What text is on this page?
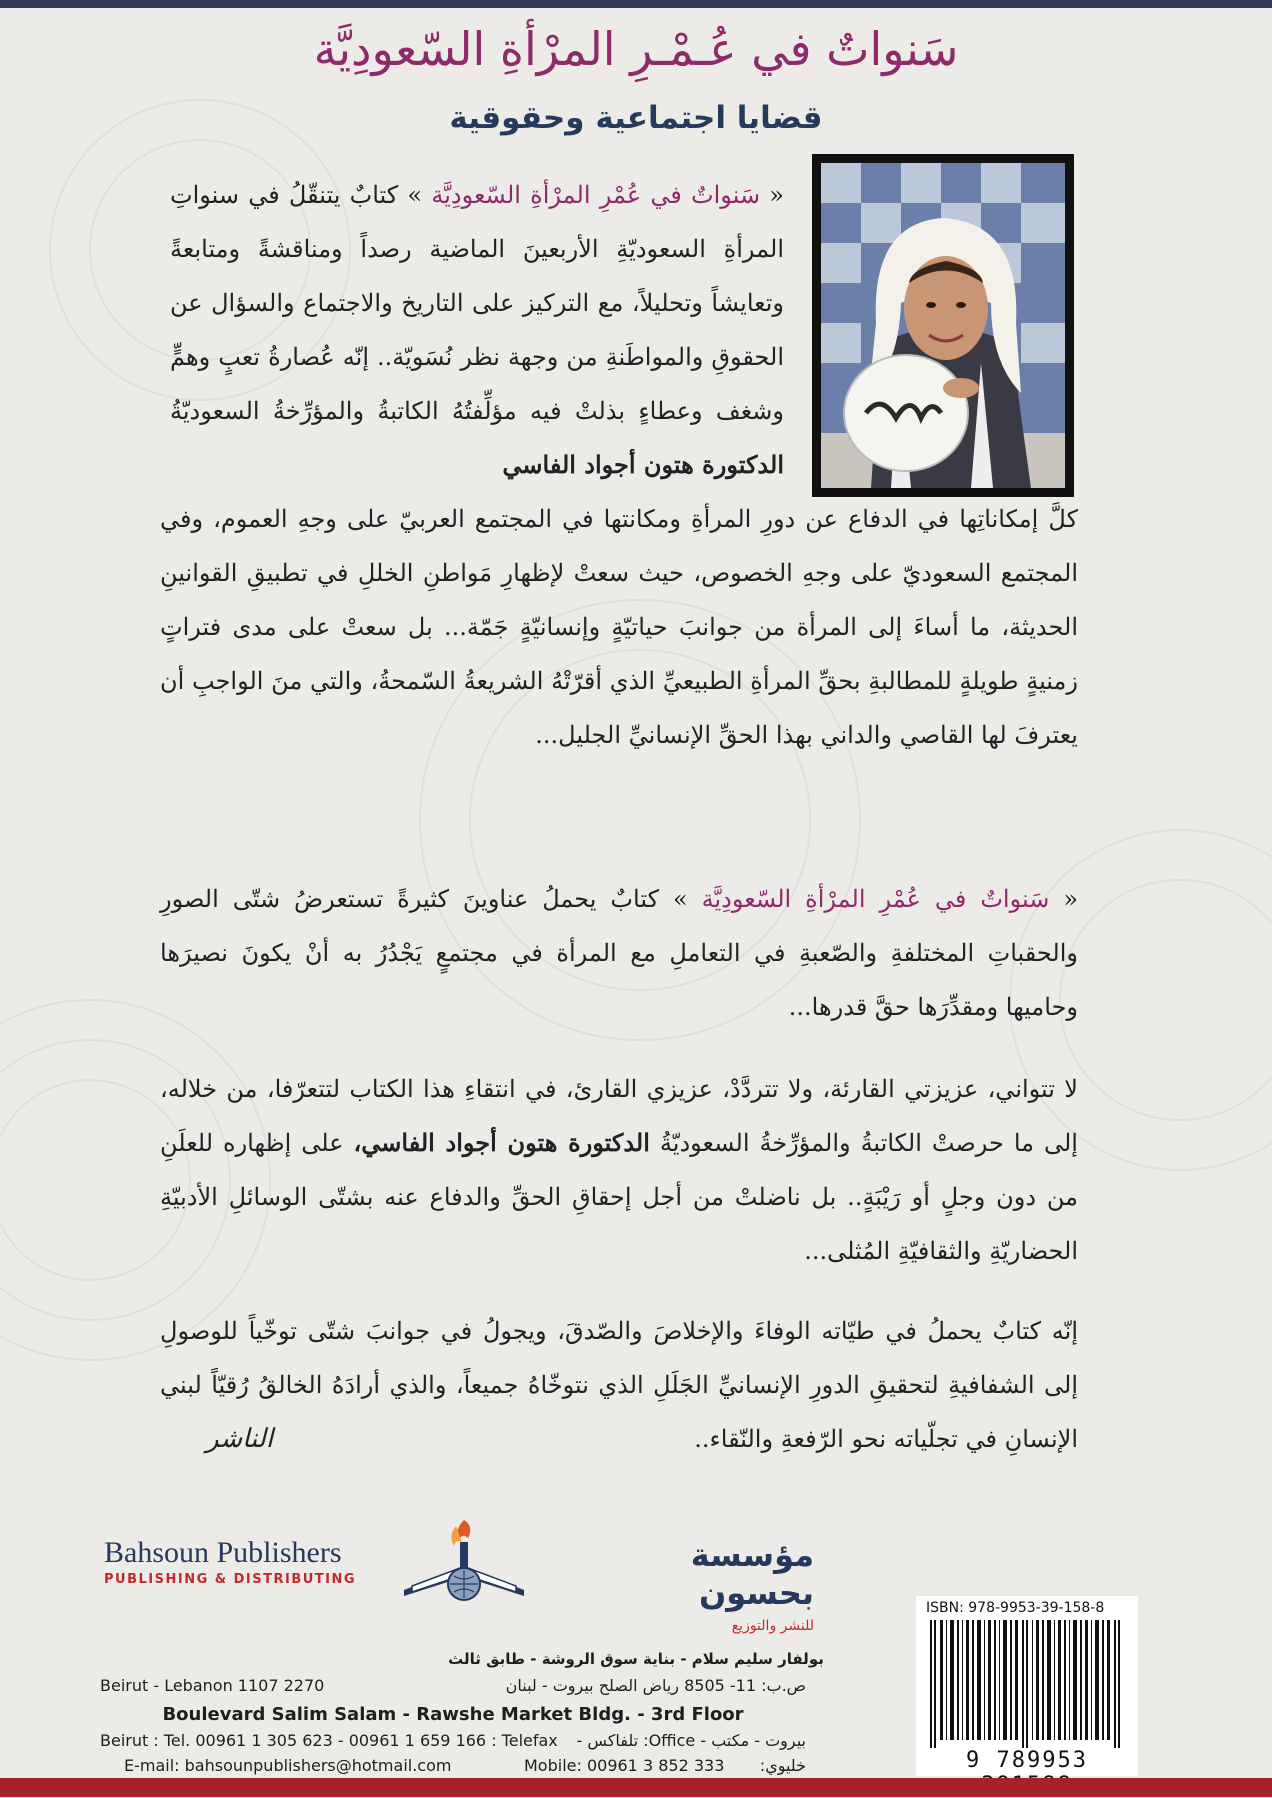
سَنواتٌ في عُـمْـرِ المرْأةِ السّعودِيَّة
قضايا اجتماعية وحقوقية

« سَنواتٌ في عُمْرِ المرْأةِ السّعودِيَّة » كتابٌ يتنقّلُ في سنواتِ المرأةِ السعوديّةِ الأربعينَ الماضية رصداً ومناقشةً ومتابعةً وتعايشاً وتحليلاً، مع التركيز على التاريخ والاجتماع والسؤال عن الحقوقِ والمواطَنةِ من وجهة نظر نُسَويّة.. إنّه عُصارةُ تعبٍ وهمٍّ وشغف وعطاءٍ بذلتْ فيه مؤلِّفتُهُ الكاتبةُ والمؤرِّخةُ السعوديّةُ الدكتورة هتون أجواد الفاسي

كلَّ إمكاناتِها في الدفاع عن دورِ المرأةِ ومكانتها في المجتمع العربيّ على وجهِ العموم، وفي المجتمع السعوديّ على وجهِ الخصوص، حيث سعتْ لإظهارِ مَواطنِ الخللِ في تطبيقِ القوانينِ الحديثة، ما أساءَ إلى المرأة من جوانبَ حياتيّةٍ وإنسانيّةٍ جَمّة... بل سعتْ على مدى فتراتٍ زمنيةٍ طويلةٍ للمطالبةِ بحقِّ المرأةِ الطبيعيِّ الذي أقرّتْهُ الشريعةُ السّمحةُ، والتي منَ الواجبِ أن يعترفَ لها القاصي والداني بهذا الحقِّ الإنسانيِّ الجليل...

« سَنواتٌ في عُمْرِ المرْأةِ السّعودِيَّة » كتابٌ يحملُ عناوينَ كثيرةً تستعرضُ شتّى الصورِ والحقباتِ المختلفةِ والصّعبةِ في التعاملِ مع المرأة في مجتمعٍ يَجْدُرُ به أنْ يكونَ نصيرَها وحاميها ومقدِّرَها حقَّ قدرها...

لا تتواني، عزيزتي القارئة، ولا تتردَّدْ، عزيزي القارئ، في انتقاءِ هذا الكتاب لتتعرّفا، من خلاله، إلى ما حرصتْ الكاتبةُ والمؤرِّخةُ السعوديّةُ الدكتورة هتون أجواد الفاسي، على إظهاره للعلَنِ من دون وجلٍ أو رَيْبَةٍ.. بل ناضلتْ من أجل إحقاقِ الحقِّ والدفاع عنه بشتّى الوسائلِ الأدبيّةِ الحضاريّةِ والثقافيّةِ المُثلى...

إنّه كتابٌ يحملُ في طيّاته الوفاءَ والإخلاصَ والصّدقَ، ويجولُ في جوانبَ شتّى توخّياً للوصولِ إلى الشفافيةِ لتحقيقِ الدورِ الإنسانيِّ الجَلَلِ الذي نتوخّاهُ جميعاً، والذي أرادَهُ الخالقُ رُقيّاً لبني الإنسانِ في تجلّياته نحو الرّفعةِ والنّقاء..

الناشر
Bahsoun Publishers
PUBLISHING & DISTRIBUTING
مؤسسة بحسون
للنشر والتوزيع
بولفار سليم سلام - بناية سوق الروشة - طابق ثالث
Beirut - Lebanon 1107 2270	ص.ب: 11- 8505 رياض الصلح بيروت - لبنان
Boulevard Salim Salam - Rawshe Market Bldg. - 3rd Floor
Beirut : Tel. 00961 1 305 623 - 00961 1 659 166 : Telefax بيروت - مكتب - Office: تلفاكس -
E-mail: bahsounpublishers@hotmail.com	Mobile: 00961 3 852 333 خليوي:
ISBN: 978-9953-39-158-8
9 789953
